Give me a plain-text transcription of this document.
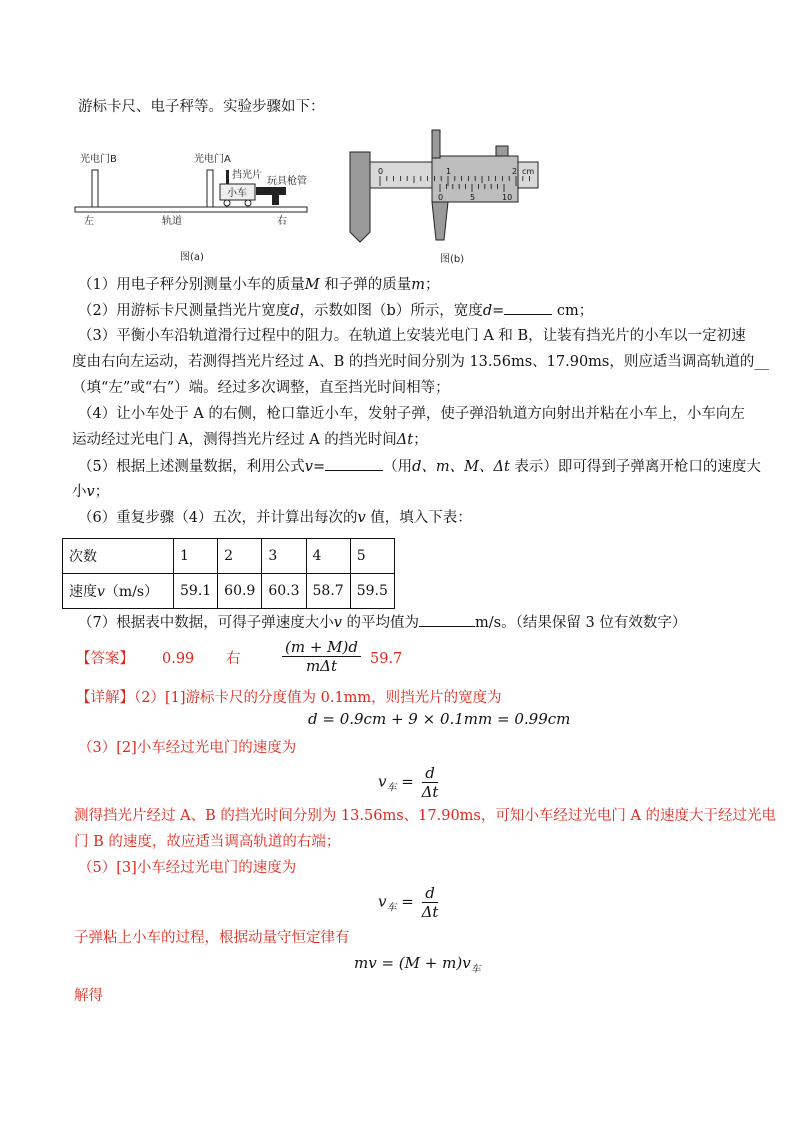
游标卡尺、电子秤等。实验步骤如下：
光电门B	光电门A
挡光片
小车
玩具枪管
左	轨道	右
图(a)
0	1	2 cm
0	5	10
图(b)
（1）用电子秤分别测量小车的质量M 和子弹的质量m；
（2）用游标卡尺测量挡光片宽度d，示数如图（b）所示，宽度d=	cm；
（3）平衡小车沿轨道滑行过程中的阻力。在轨道上安装光电门 A 和 B，让装有挡光片的小车以一定初速
度由右向左运动，若测得挡光片经过 A、B 的挡光时间分别为 13.56ms、17.90ms，则应适当调高轨道的__
（填“左”或“右”）端。经过多次调整，直至挡光时间相等；
（4）让小车处于 A 的右侧，枪口靠近小车，发射子弹，使子弹沿轨道方向射出并粘在小车上，小车向左
运动经过光电门 A，测得挡光片经过 A 的挡光时间Δt；
（5）根据上述测量数据，利用公式v=	（用d、m、M、Δt 表示）即可得到子弹离开枪口的速度大
小v；
（6）重复步骤（4）五次，并计算出每次的v 值，填入下表：
次数	1	2	3	4	5
速度v（m/s）	59.1	60.9	60.3	58.7	59.5
（7）根据表中数据，可得子弹速度大小v 的平均值为	m/s。（结果保留 3 位有效数字）
【答案】 0.99 右	$\frac{(m + M)d}{\text{mΔt}} 59.7$
【详解】（2）[1]游标卡尺的分度值为 0.1mm，则挡光片的宽度为
d = 0.9cm + 9 × 0.1mm = 0.99cm
（3）[2]小车经过光电门的速度为
$v_车 = \frac{d}{\Delta t}$
测得挡光片经过 A、B 的挡光时间分别为 13.56ms、17.90ms，可知小车经过光电门 A 的速度大于经过光电
门 B 的速度，故应适当调高轨道的右端；
（5）[3]小车经过光电门的速度为
$v_车 = \frac{d}{\Delta t}$
子弹粘上小车的过程，根据动量守恒定律有
mv = $(M + m)v_车$
解得
